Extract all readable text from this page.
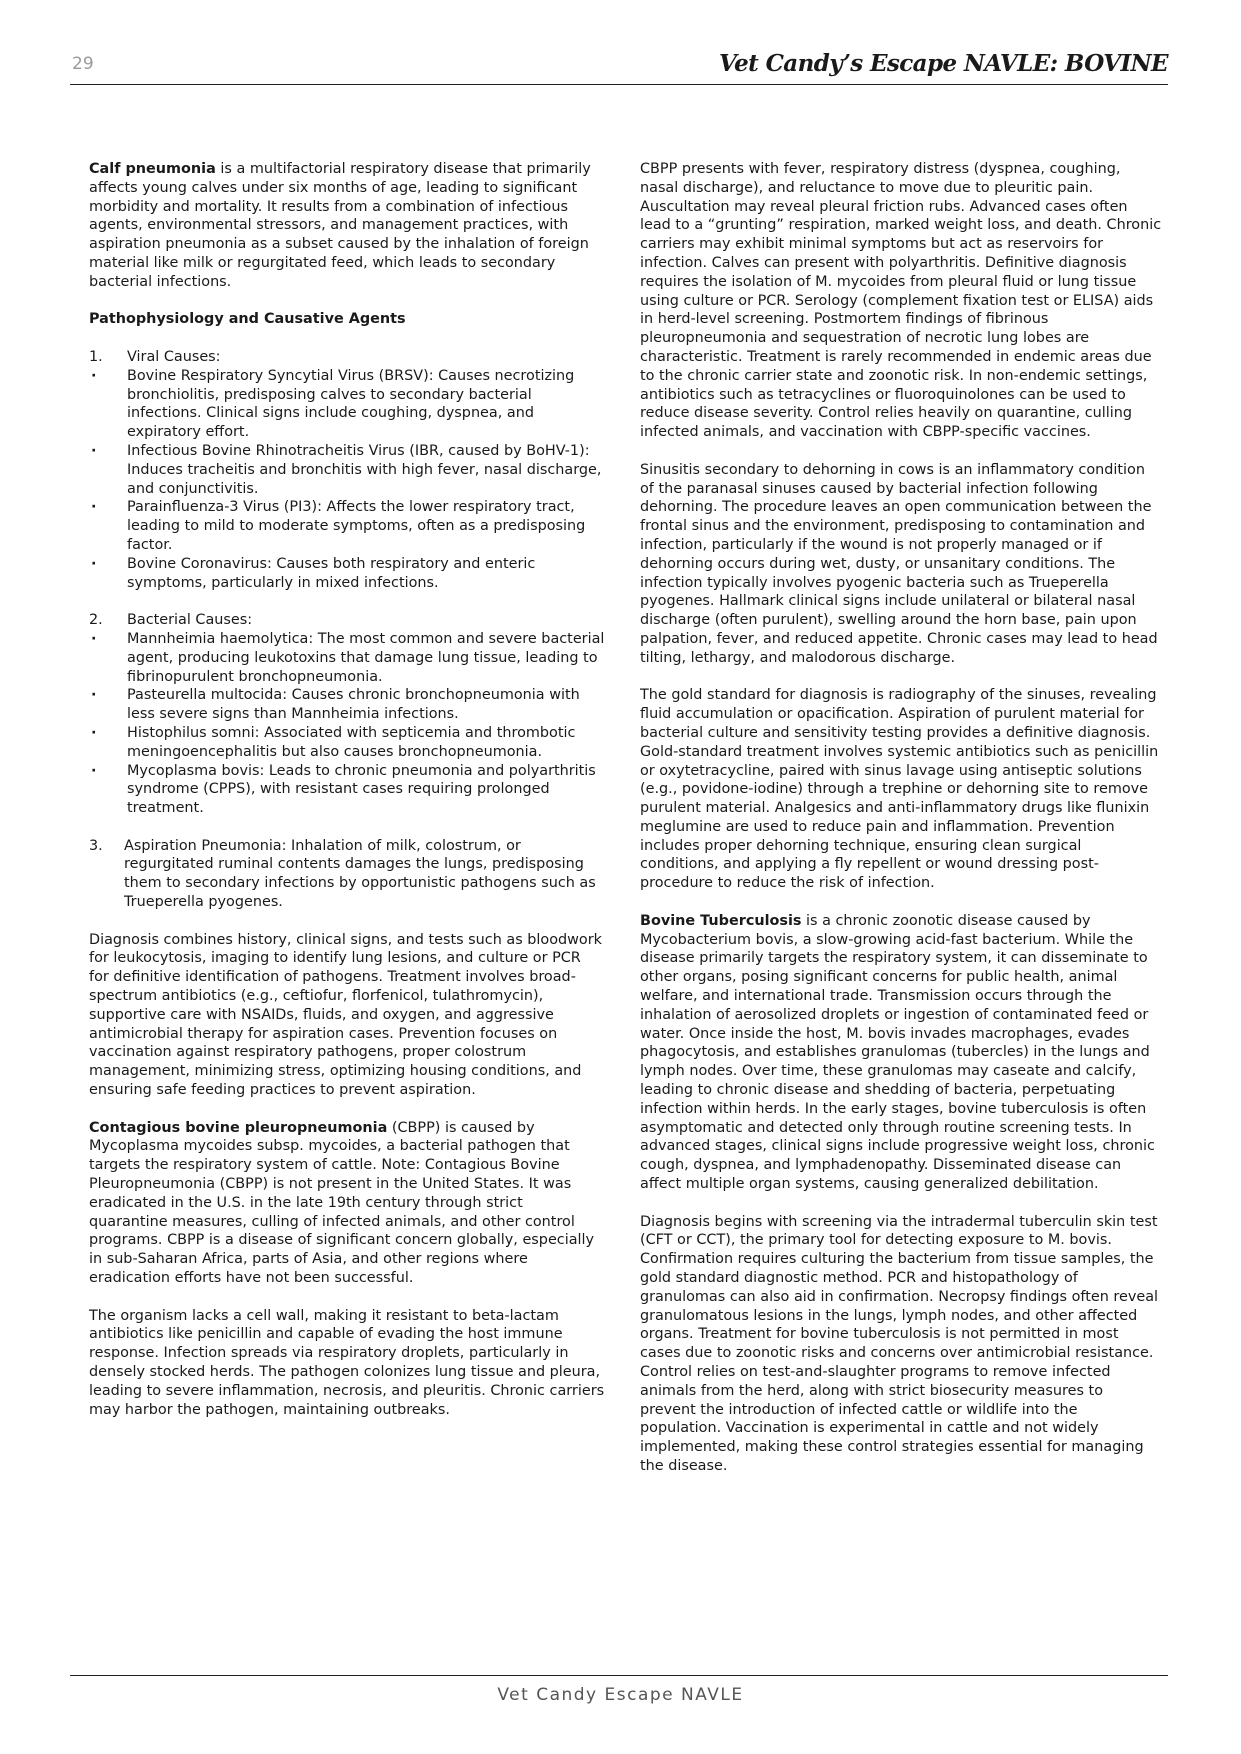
29	Vet Candy’s Escape NAVLE: BOVINE

Calf pneumonia is a multifactorial respiratory disease that primarily affects young calves under six months of age, leading to significant morbidity and mortality. It results from a combination of infectious agents, environmental stressors, and management practices, with aspiration pneumonia as a subset caused by the inhalation of foreign material like milk or regurgitated feed, which leads to secondary bacterial infections.

Pathophysiology and Causative Agents
1.	Viral Causes:
· Bovine Respiratory Syncytial Virus (BRSV): Causes necrotizing bronchiolitis, predisposing calves to secondary bacterial infections. Clinical signs include coughing, dyspnea, and expiratory effort.
· Infectious Bovine Rhinotracheitis Virus (IBR, caused by BoHV-1): Induces tracheitis and bronchitis with high fever, nasal discharge, and conjunctivitis.
· Parainfluenza-3 Virus (PI3): Affects the lower respiratory tract, leading to mild to moderate symptoms, often as a predisposing factor.
· Bovine Coronavirus: Causes both respiratory and enteric symptoms, particularly in mixed infections.
2.	Bacterial Causes:
· Mannheimia haemolytica: The most common and severe bacterial agent, producing leukotoxins that damage lung tissue, leading to fibrinopurulent bronchopneumonia.
· Pasteurella multocida: Causes chronic bronchopneumonia with less severe signs than Mannheimia infections.
· Histophilus somni: Associated with septicemia and thrombotic meningoencephalitis but also causes bronchopneumonia.
· Mycoplasma bovis: Leads to chronic pneumonia and polyarthritis syndrome (CPPS), with resistant cases requiring prolonged treatment.
3.	Aspiration Pneumonia: Inhalation of milk, colostrum, or regurgitated ruminal contents damages the lungs, predisposing them to secondary infections by opportunistic pathogens such as Trueperella pyogenes.

Diagnosis combines history, clinical signs, and tests such as bloodwork for leukocytosis, imaging to identify lung lesions, and culture or PCR for definitive identification of pathogens. Treatment involves broad-spectrum antibiotics (e.g., ceftiofur, florfenicol, tulathromycin), supportive care with NSAIDs, fluids, and oxygen, and aggressive antimicrobial therapy for aspiration cases. Prevention focuses on vaccination against respiratory pathogens, proper colostrum management, minimizing stress, optimizing housing conditions, and ensuring safe feeding practices to prevent aspiration.

Contagious bovine pleuropneumonia (CBPP) is caused by Mycoplasma mycoides subsp. mycoides, a bacterial pathogen that targets the respiratory system of cattle. Note: Contagious Bovine Pleuropneumonia (CBPP) is not present in the United States. It was eradicated in the U.S. in the late 19th century through strict quarantine measures, culling of infected animals, and other control programs. CBPP is a disease of significant concern globally, especially in sub-Saharan Africa, parts of Asia, and other regions where eradication efforts have not been successful.

The organism lacks a cell wall, making it resistant to beta-lactam antibiotics like penicillin and capable of evading the host immune response. Infection spreads via respiratory droplets, particularly in densely stocked herds. The pathogen colonizes lung tissue and pleura, leading to severe inflammation, necrosis, and pleuritis. Chronic carriers may harbor the pathogen, maintaining outbreaks.

CBPP presents with fever, respiratory distress (dyspnea, coughing, nasal discharge), and reluctance to move due to pleuritic pain. Auscultation may reveal pleural friction rubs. Advanced cases often lead to a “grunting” respiration, marked weight loss, and death. Chronic carriers may exhibit minimal symptoms but act as reservoirs for infection. Calves can present with polyarthritis. Definitive diagnosis requires the isolation of M. mycoides from pleural fluid or lung tissue using culture or PCR. Serology (complement fixation test or ELISA) aids in herd-level screening. Postmortem findings of fibrinous pleuropneumonia and sequestration of necrotic lung lobes are characteristic. Treatment is rarely recommended in endemic areas due to the chronic carrier state and zoonotic risk. In non-endemic settings, antibiotics such as tetracyclines or fluoroquinolones can be used to reduce disease severity. Control relies heavily on quarantine, culling infected animals, and vaccination with CBPP-specific vaccines.

Sinusitis secondary to dehorning in cows is an inflammatory condition of the paranasal sinuses caused by bacterial infection following dehorning. The procedure leaves an open communication between the frontal sinus and the environment, predisposing to contamination and infection, particularly if the wound is not properly managed or if dehorning occurs during wet, dusty, or unsanitary conditions. The infection typically involves pyogenic bacteria such as Trueperella pyogenes. Hallmark clinical signs include unilateral or bilateral nasal discharge (often purulent), swelling around the horn base, pain upon palpation, fever, and reduced appetite. Chronic cases may lead to head tilting, lethargy, and malodorous discharge.

The gold standard for diagnosis is radiography of the sinuses, revealing fluid accumulation or opacification. Aspiration of purulent material for bacterial culture and sensitivity testing provides a definitive diagnosis. Gold-standard treatment involves systemic antibiotics such as penicillin or oxytetracycline, paired with sinus lavage using antiseptic solutions (e.g., povidone-iodine) through a trephine or dehorning site to remove purulent material. Analgesics and anti-inflammatory drugs like flunixin meglumine are used to reduce pain and inflammation. Prevention includes proper dehorning technique, ensuring clean surgical conditions, and applying a fly repellent or wound dressing post-procedure to reduce the risk of infection.

Bovine Tuberculosis is a chronic zoonotic disease caused by Mycobacterium bovis, a slow-growing acid-fast bacterium. While the disease primarily targets the respiratory system, it can disseminate to other organs, posing significant concerns for public health, animal welfare, and international trade. Transmission occurs through the inhalation of aerosolized droplets or ingestion of contaminated feed or water. Once inside the host, M. bovis invades macrophages, evades phagocytosis, and establishes granulomas (tubercles) in the lungs and lymph nodes. Over time, these granulomas may caseate and calcify, leading to chronic disease and shedding of bacteria, perpetuating infection within herds. In the early stages, bovine tuberculosis is often asymptomatic and detected only through routine screening tests. In advanced stages, clinical signs include progressive weight loss, chronic cough, dyspnea, and lymphadenopathy. Disseminated disease can affect multiple organ systems, causing generalized debilitation.

Diagnosis begins with screening via the intradermal tuberculin skin test (CFT or CCT), the primary tool for detecting exposure to M. bovis. Confirmation requires culturing the bacterium from tissue samples, the gold standard diagnostic method. PCR and histopathology of granulomas can also aid in confirmation. Necropsy findings often reveal granulomatous lesions in the lungs, lymph nodes, and other affected organs. Treatment for bovine tuberculosis is not permitted in most cases due to zoonotic risks and concerns over antimicrobial resistance. Control relies on test-and-slaughter programs to remove infected animals from the herd, along with strict biosecurity measures to prevent the introduction of infected cattle or wildlife into the population. Vaccination is experimental in cattle and not widely implemented, making these control strategies essential for managing the disease.

Vet Candy Escape NAVLE
